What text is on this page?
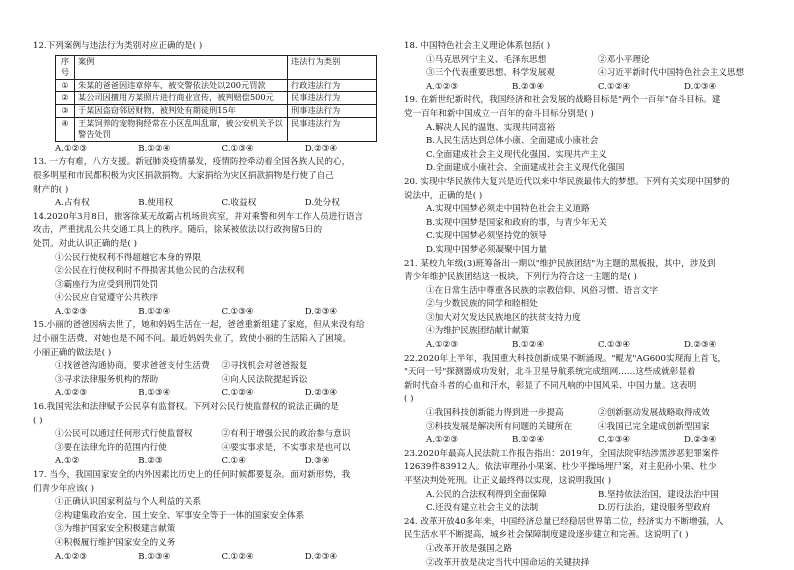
12.下列案例与违法行为类别对应正确的是( )

序号	案例	违法行为类别
①	朱某的爸爸因违章停车，被交警依法处以200元罚款	行政违法行为
②	某公司因擅用方某照片进行商业宣传，被判赔偿500元	民事违法行为
③	于某因盗窃邻居财物，被判处有期徒刑15年	刑事违法行为
④	王某饲养的宠物狗经常在小区乱叫乱窜，被公安机关予以警告处罚	民事违法行为
A.①②③	B.①②④	C.①③④	D.②③④

13. 一方有难，八方支援。新冠肺炎疫情暴发，疫情防控牵动着全国各族人民的心，

很多明星和市民都积极为灾区捐款捐物。大家捐给为灾区捐款捐物是行使了自己

财产的( )

A.占有权	B.使用权	C.收益权	D.处分权

14.2020年3月8日，旅客徐某无故霸占机场贵宾室，并对乘警和列车工作人员进行语言

攻击，严重扰乱公共交通工具上的秩序。随后，徐某被依法以行政拘留5日的

处罚。对此认识正确的是( )

①公民行使权利不得超越它本身的界限

②公民在行使权利时不得损害其他公民的合法权利

③霸座行为应受到刑罚处罚

④公民应自觉遵守公共秩序

A.①②③	B.①②④	C.①③④	D.②③④

15.小丽的爸爸因病去世了，她和妈妈生活在一起，爸爸重新组建了家庭，但从来没有给

过小丽生活费，对她也是不闻不问。最近妈妈失业了，致使小丽的生活陷入了困境。

小丽正确的做法是( )

①找爸爸沟通协商，要求爸爸支付生活费	②寻找机会对爸爸报复
③寻求法律服务机构的帮助	④向人民法院提起诉讼
A.①②③	B.①③④	C.①②④	D.②③④

16.我国宪法和法律赋予公民享有监督权。下列对公民行使监督权的说法正确的是

( )

①公民可以通过任何形式行使监督权	②有利于增强公民的政治参与意识
③要在法律允许的范围内行使	④要实事求是，不实事求是也可以
A.①②	B.②③	C.①④	D.③④

17. 当今，我国国家安全的内外因素比历史上的任何时候都要复杂。面对新形势，我

们青少年应该( )

①正确认识国家利益与个人利益的关系

②构建集政治安全、国土安全、军事安全等于一体的国家安全体系

③为维护国家安全积极建言献策

④积极履行维护国家安全的义务

A.①②③	B.①③④	C.①②④	D.②③④

18. 中国特色社会主义理论体系包括( )

①马克思列宁主义、毛泽东思想	②邓小平理论
③三个代表重要思想、科学发展观	④习近平新时代中国特色社会主义思想
A.①②③	B.②③④	C.①②④	D.①③④

19. 在新世纪新时代，我国经济和社会发展的战略目标是"两个一百年"奋斗目标。建

党一百年和新中国成立一百年的奋斗目标分别是( )

A.解决人民的温饱、实现共同富裕

B.人民生活达到总体小康、全面建成小康社会

C.全面建成社会主义现代化强国、实现共产主义

D.全面建成小康社会、全面建成社会主义现代化强国

20. 实现中华民族伟大复兴是近代以来中华民族最伟大的梦想。下列有关实现中国梦的

说法中，正确的是( )

A.实现中国梦必须走中国特色社会主义道路

B.实现中国梦是国家和政府的事，与青少年无关

C.实现中国梦必须坚持党的领导

D.实现中国梦必须凝聚中国力量

21. 某校九年级(3)班筹备出一期以"维护民族团结"为主题的黑板报，其中，涉及到

青少年维护民族团结这一板块，下列行为符合这一主题的是( )

①在日常生活中尊重各民族的宗教信仰、风俗习惯、语言文字

②与少数民族的同学和睦相处

③加大对欠发达民族地区的扶贫支持力度

④为维护民族团结献计献策

A.①②③	B.①②④	C.①③④	D.②③④

22.2020年上半年，我国重大科技创新成果不断涌现。"鲲龙"AG600实现海上首飞，

"天问一号"探测器成功发射，北斗卫星导航系统完成组网……这些成就彰显着

新时代奋斗者的心血和汗水，彰显了不同凡响的中国风采、中国力量。这表明

( )

①我国科技创新能力得到进一步提高	②创新驱动发展战略取得成效
③科技发展是解决所有问题的关键所在	④我国已完全建成创新型国家
A.①②③	B.①②④	C.①③④	D.②③④

23.2020年最高人民法院工作报告指出：2019年，全国法院审结涉黑涉恶犯罪案件

12639件83912人。依法审理孙小果案、杜少平操场埋尸案，对主犯孙小果、杜少

平坚决判处死刑。让正义最终得以实现，这说明我国( )

A.公民的合法权利得到全面保障	B.坚持依法治国，建设法治中国
C.还没有建立社会主义的法制	D.厉行法治，建设服务型政府

24. 改革开放40多年来，中国经济总量已经稳居世界第二位，经济实力不断增强，人

民生活水平不断提高，城乡社会保障制度建设逐步建立和完善。这说明了( )

①改革开放是强国之路

②改革开放是决定当代中国命运的关键抉择
